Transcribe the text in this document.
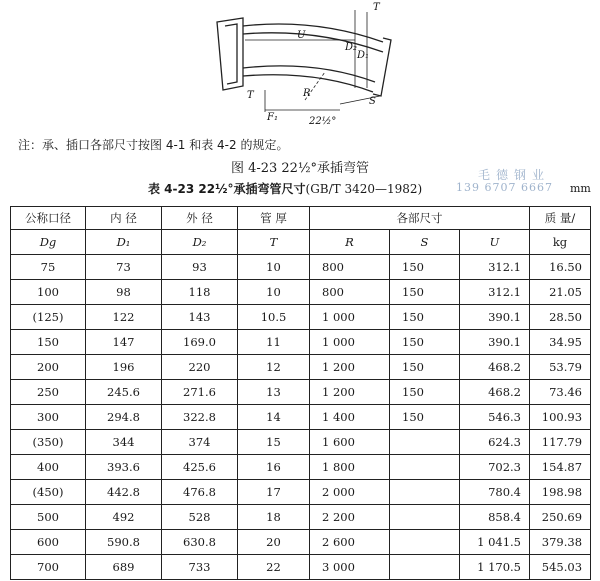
U
D₂
D₁
T
T	R
S
F₁	22½°
注：承、插口各部尺寸按图 4-1 和表 4-2 的规定。
图 4-23 22½°承插弯管	毛德钢业
139 6707 6667
表 4-23 22½°承插弯管尺寸(GB/T 3420—1982)	mm
公称口径	内 径	外 径	管 厚	各部尺寸			质 量/
Dg	D₁	D₂	T	R	S	U	kg
75	73	93	10	800	150	312.1	16.50
100	98	118	10	800	150	312.1	21.05
(125)	122	143	10.5	1 000	150	390.1	28.50
150	147	169.0	11	1 000	150	390.1	34.95
200	196	220	12	1 200	150	468.2	53.79
250	245.6	271.6	13	1 200	150	468.2	73.46
300	294.8	322.8	14	1 400	150	546.3	100.93
(350)	344	374	15	1 600		624.3	117.79
400	393.6	425.6	16	1 800		702.3	154.87
(450)	442.8	476.8	17	2 000		780.4	198.98
500	492	528	18	2 200		858.4	250.69
600	590.8	630.8	20	2 600		1 041.5	379.38
700	689	733	22	3 000		1 170.5	545.03
